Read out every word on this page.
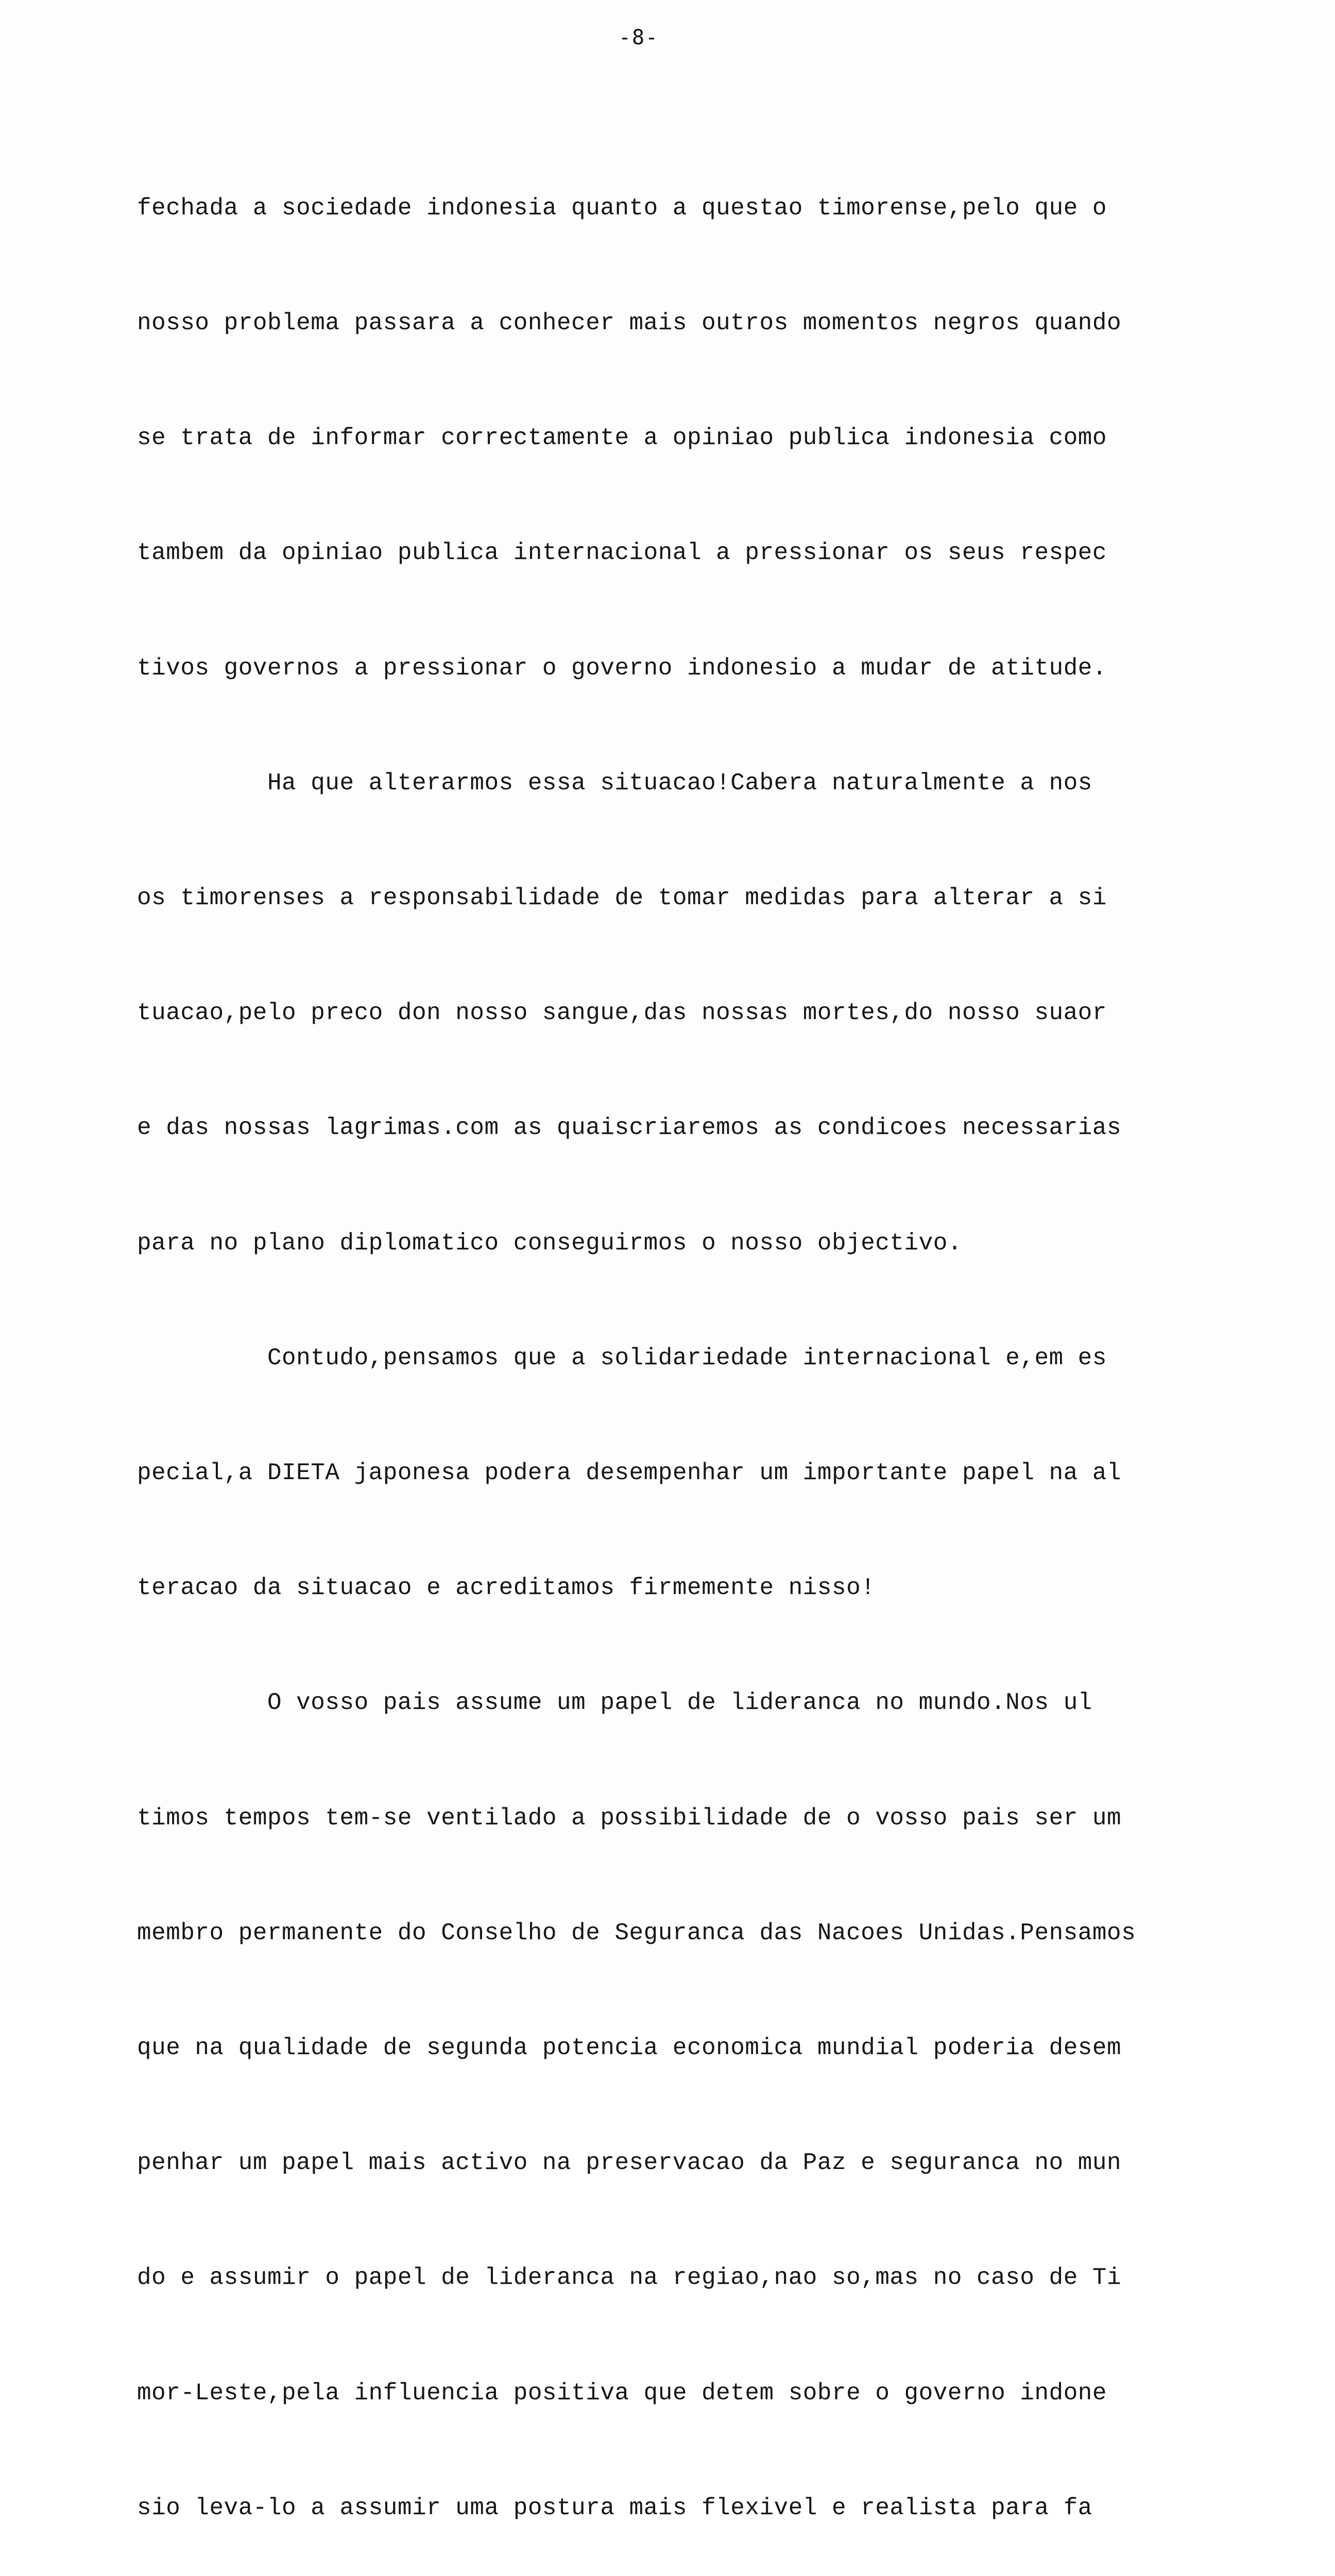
-8-

fechada a sociedade indonesia quanto a questao timorense,pelo que o

nosso problema passara a conhecer mais outros momentos negros quando

se trata de informar correctamente a opiniao publica indonesia como

tambem da opiniao publica internacional a pressionar os seus respec

tivos governos a pressionar o governo indonesio a mudar de atitude.

Ha que alterarmos essa situacao!Cabera naturalmente a nos

os timorenses a responsabilidade de tomar medidas para alterar a si

tuacao,pelo preco don nosso sangue,das nossas mortes,do nosso suaor

e das nossas lagrimas.com as quaiscriaremos as condicoes necessarias

para no plano diplomatico conseguirmos o nosso objectivo.

Contudo,pensamos que a solidariedade internacional e,em es

pecial,a DIETA japonesa podera desempenhar um importante papel na al

teracao da situacao e acreditamos firmemente nisso!

O vosso pais assume um papel de lideranca no mundo.Nos ul

timos tempos tem-se ventilado a possibilidade de o vosso pais ser um

membro permanente do Conselho de Seguranca das Nacoes Unidas.Pensamos

que na qualidade de segunda potencia economica mundial poderia desem

penhar um papel mais activo na preservacao da Paz e seguranca no mun

do e assumir o papel de lideranca na regiao,nao so,mas no caso de Ti

mor-Leste,pela influencia positiva que detem sobre o governo indone

sio leva-lo a assumir uma postura mais flexivel e realista para fa
